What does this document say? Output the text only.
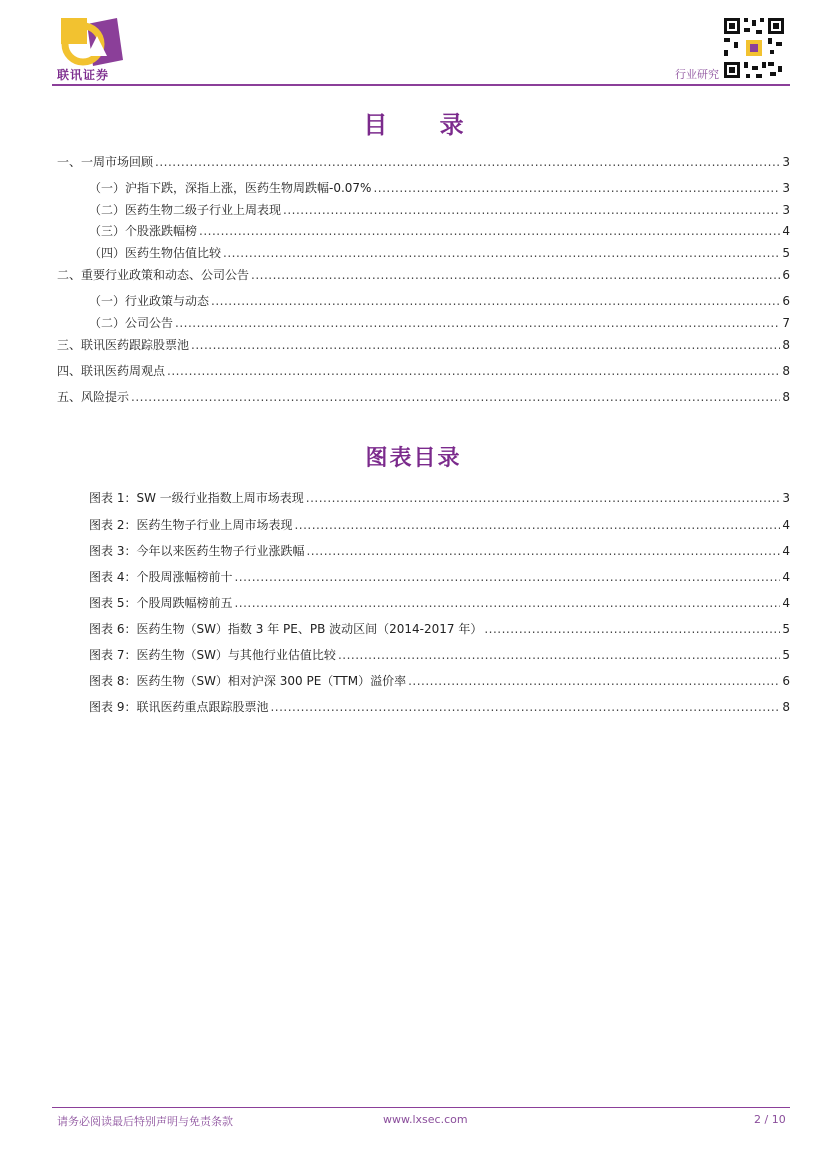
联讯证券	行业研究
目 录
图表目录
一、一周市场回顾 .....	3
（一）沪指下跌，深指上涨，医药生物周跌幅-0.07% .....	3
（二）医药生物二级子行业上周表现 .....	3
（三）个股涨跌幅榜 .....	4
（四）医药生物估值比较 .....	5
二、重要行业政策和动态、公司公告 .....	6
（一）行业政策与动态 .....	6
（二）公司公告 .....	7
三、联讯医药跟踪股票池 .....	8
四、联讯医药周观点 .....	8
五、风险提示 .....	8
图表 1：SW 一级行业指数上周市场表现 .....	3
图表 2：医药生物子行业上周市场表现 .....	4
图表 3：今年以来医药生物子行业涨跌幅 .....	4
图表 4：个股周涨幅榜前十 .....	4
图表 5：个股周跌幅榜前五 .....	4
图表 6：医药生物（SW）指数 3 年 PE、PB 波动区间（2014-2017 年） .....	5
图表 7：医药生物（SW）与其他行业估值比较 .....	5
图表 8：医药生物（SW）相对沪深 300 PE（TTM）溢价率 .....	6
图表 9：联讯医药重点跟踪股票池 .....	8
请务必阅读最后特别声明与免责条款	www.lxsec.com	2 / 10
